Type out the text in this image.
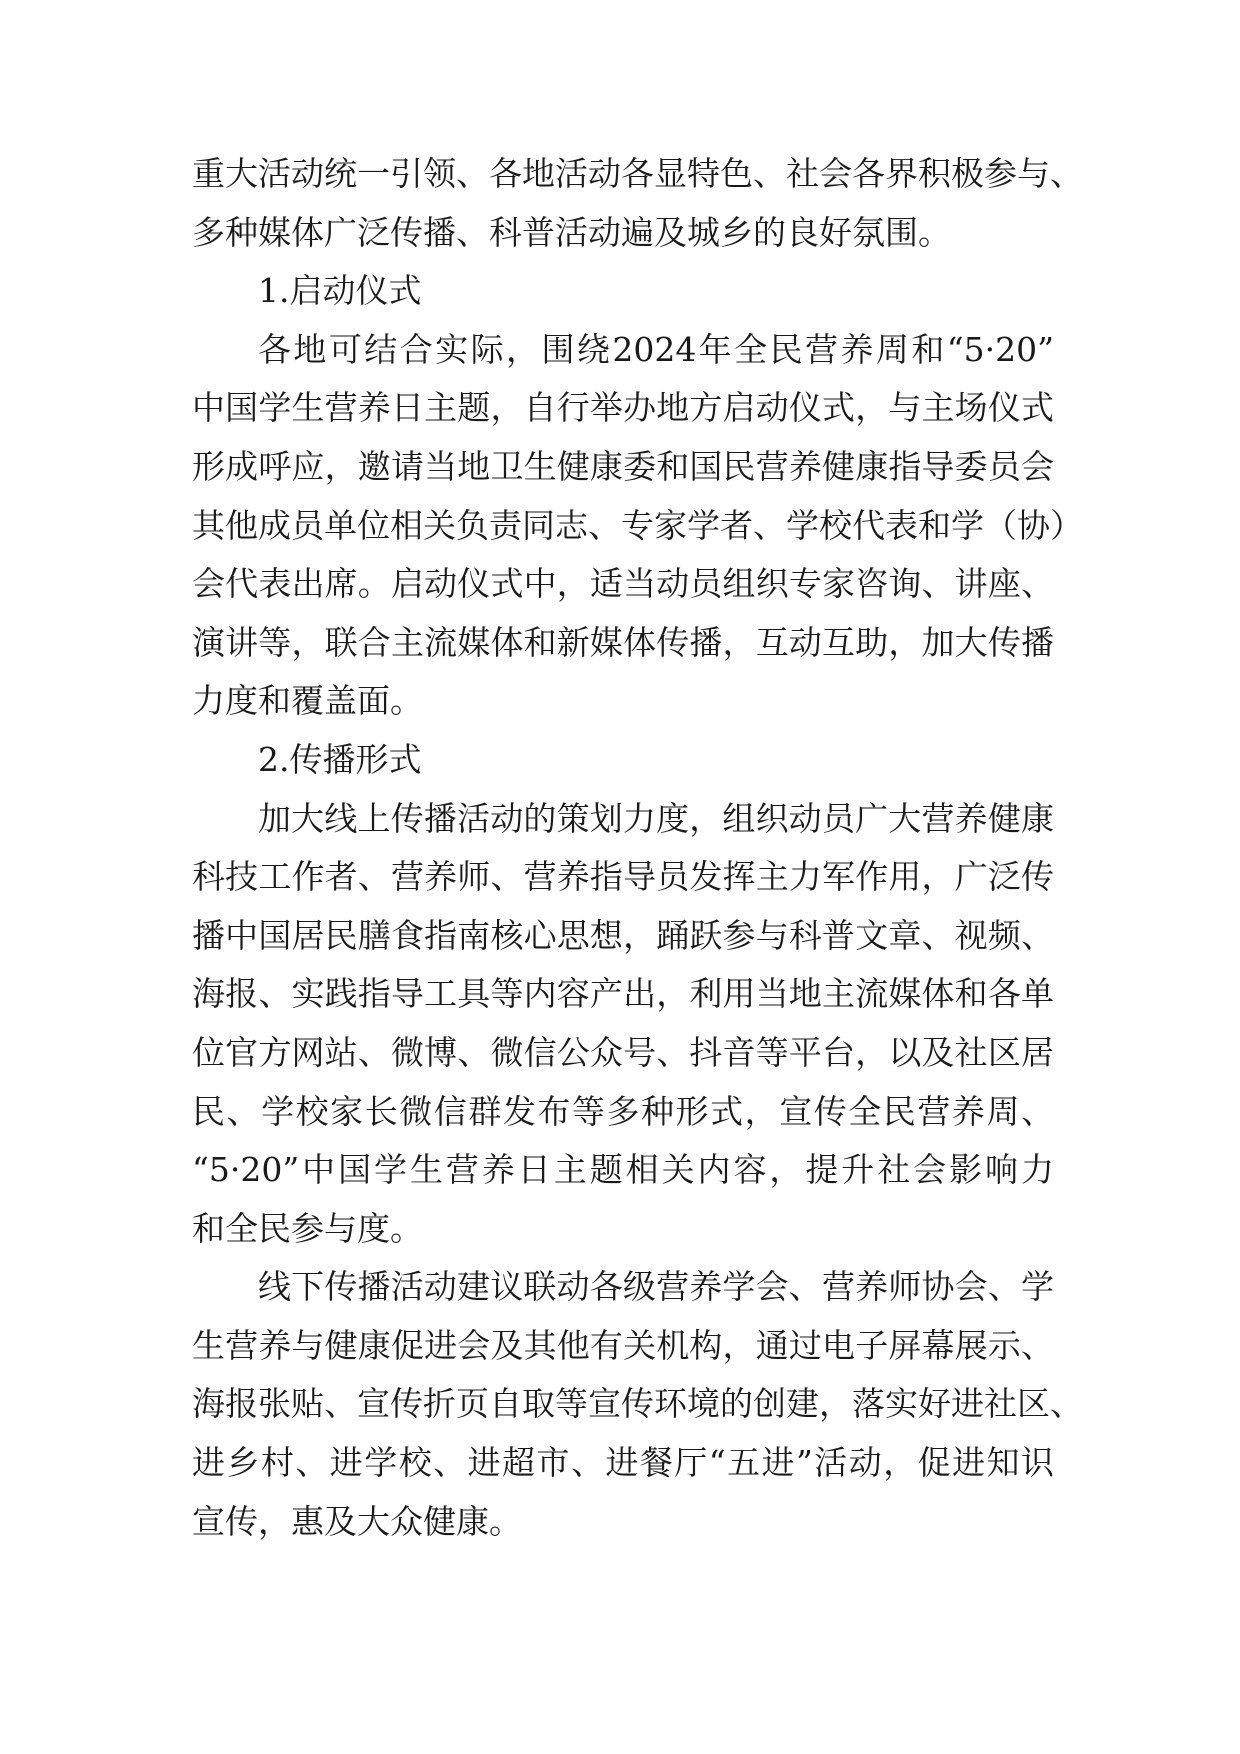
重大活动统一引领、各地活动各显特色、社会各界积极参与、
多种媒体广泛传播、科普活动遍及城乡的良好氛围。
1.启动仪式
各地可结合实际，围绕2024年全民营养周和“5·20”
中国学生营养日主题，自行举办地方启动仪式，与主场仪式
形成呼应，邀请当地卫生健康委和国民营养健康指导委员会
其他成员单位相关负责同志、专家学者、学校代表和学（协）
会代表出席。启动仪式中，适当动员组织专家咨询、讲座、
演讲等，联合主流媒体和新媒体传播，互动互助，加大传播
力度和覆盖面。
2.传播形式
加大线上传播活动的策划力度，组织动员广大营养健康
科技工作者、营养师、营养指导员发挥主力军作用，广泛传
播中国居民膳食指南核心思想，踊跃参与科普文章、视频、
海报、实践指导工具等内容产出，利用当地主流媒体和各单
位官方网站、微博、微信公众号、抖音等平台，以及社区居
民、学校家长微信群发布等多种形式，宣传全民营养周、
“5·20”中国学生营养日主题相关内容，提升社会影响力
和全民参与度。
线下传播活动建议联动各级营养学会、营养师协会、学
生营养与健康促进会及其他有关机构，通过电子屏幕展示、
海报张贴、宣传折页自取等宣传环境的创建，落实好进社区、
进乡村、进学校、进超市、进餐厅“五进”活动，促进知识
宣传，惠及大众健康。
